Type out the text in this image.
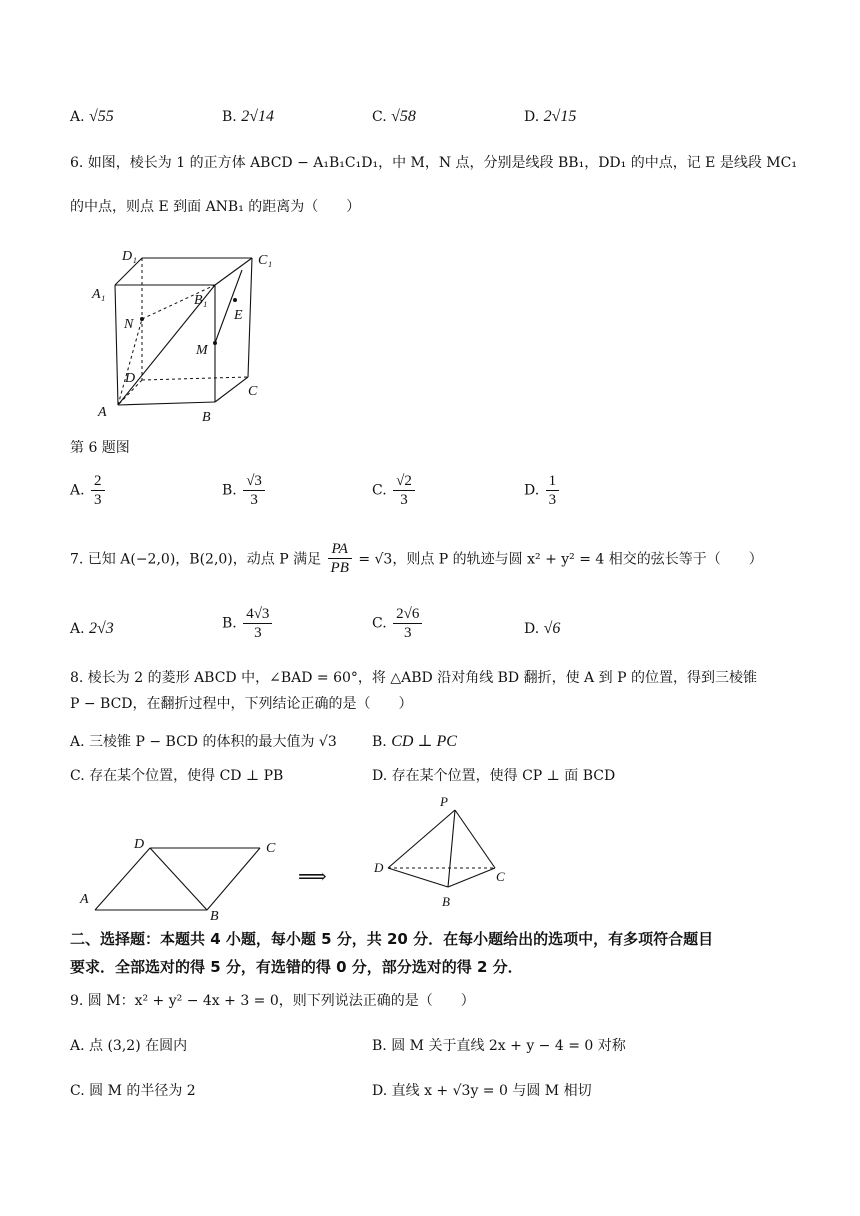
A. √55	B. 2√14	C. √58	D. 2√15
6. 如图，棱长为 1 的正方体 ABCD − A₁B₁C₁D₁，中 M，N 点，分别是线段 BB₁，DD₁ 的中点，记 E 是线段 MC₁
的中点，则点 E 到面 ANB₁ 的距离为（　　）
D₁	C₁
A₁	B₁
N
E
M
D
C
A	B
第 6 题图
A. $\frac{2}{3}$	B. $\frac{√3}{3}$	C. $\frac{√2}{3}$	D. $\frac{1}{3}$
7. 已知 A(−2,0)，B(2,0)，动点 P 满足 $\frac{PA}{PB} = √3$，则点 P 的轨迹与圆 x² + y² = 4 相交的弦长等于（　　）
A. 2√3	B. $\frac{4√3}{3}$	C. $\frac{2√6}{3}$	D. √6
8. 棱长为 2 的菱形 ABCD 中，∠BAD = 60°，将 △ABD 沿对角线 BD 翻折，使 A 到 P 的位置，得到三棱锥
P − BCD，在翻折过程中，下列结论正确的是（　　）
A. 三棱锥 P − BCD 的体积的最大值为 √3	B. CD ⊥ PC
C. 存在某个位置，使得 CD ⊥ PB	D. 存在某个位置，使得 CP ⊥ 面 BCD
D	C
A
B
⟹
P
D
C
B
二、选择题：本题共 4 小题，每小题 5 分，共 20 分．在每小题给出的选项中，有多项符合题目
要求．全部选对的得 5 分，有选错的得 0 分，部分选对的得 2 分．
9. 圆 M：x² + y² − 4x + 3 = 0，则下列说法正确的是（　　）
A. 点 (3,2) 在圆内	B. 圆 M 关于直线 2x + y − 4 = 0 对称
C. 圆 M 的半径为 2	D. 直线 x + √3y = 0 与圆 M 相切
